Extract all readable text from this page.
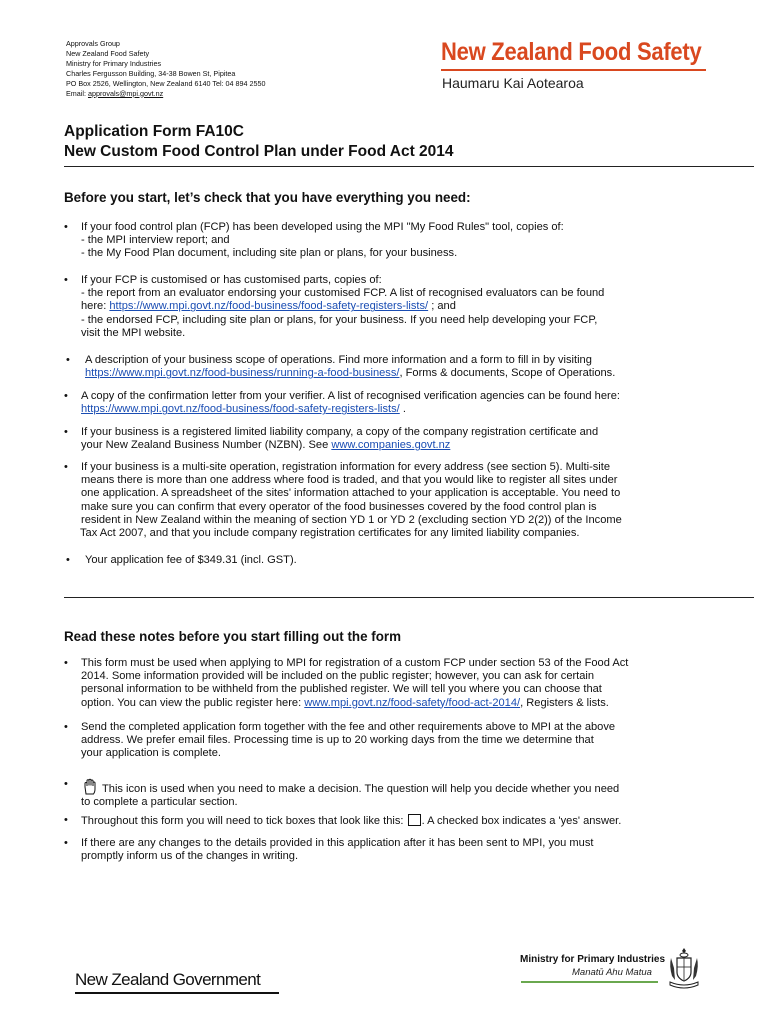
Approvals Group
New Zealand Food Safety
Ministry for Primary Industries
Charles Fergusson Building, 34-38 Bowen St, Pipitea
PO Box 2526, Wellington, New Zealand 6140 Tel: 04 894 2550
Email: approvals@mpi.govt.nz
New Zealand Food Safety
Haumaru Kai Aotearoa
Application Form FA10C
New Custom Food Control Plan under Food Act 2014
Before you start, let’s check that you have everything you need:
• If your food control plan (FCP) has been developed using the MPI "My Food Rules" tool, copies of:
- the MPI interview report; and
- the My Food Plan document, including site plan or plans, for your business.
• If your FCP is customised or has customised parts, copies of:
- the report from an evaluator endorsing your customised FCP. A list of recognised evaluators can be found
here: https://www.mpi.govt.nz/food-business/food-safety-registers-lists/ ; and
- the endorsed FCP, including site plan or plans, for your business. If you need help developing your FCP,
visit the MPI website.
• A description of your business scope of operations. Find more information and a form to fill in by visiting
https://www.mpi.govt.nz/food-business/running-a-food-business/, Forms & documents, Scope of Operations.
• A copy of the confirmation letter from your verifier. A list of recognised verification agencies can be found here:
https://www.mpi.govt.nz/food-business/food-safety-registers-lists/ .
• If your business is a registered limited liability company, a copy of the company registration certificate and
your New Zealand Business Number (NZBN). See www.companies.govt.nz
• If your business is a multi-site operation, registration information for every address (see section 5). Multi-site
means there is more than one address where food is traded, and that you would like to register all sites under
one application. A spreadsheet of the sites' information attached to your application is acceptable. You need to
make sure you can confirm that every operator of the food businesses covered by the food control plan is
resident in New Zealand within the meaning of section YD 1 or YD 2 (excluding section YD 2(2)) of the Income
Tax Act 2007, and that you include company registration certificates for any limited liability companies.
• Your application fee of $349.31 (incl. GST).
Read these notes before you start filling out the form
• This form must be used when applying to MPI for registration of a custom FCP under section 53 of the Food Act
2014. Some information provided will be included on the public register; however, you can ask for certain
personal information to be withheld from the published register. We will tell you where you can choose that
option. You can view the public register here: www.mpi.govt.nz/food-safety/food-act-2014/, Registers & lists.
• Send the completed application form together with the fee and other requirements above to MPI at the above
address. We prefer email files. Processing time is up to 20 working days from the time we determine that
your application is complete.
•	This icon is used when you need to make a decision. The question will help you decide whether you need
to complete a particular section.
• Throughout this form you will need to tick boxes that look like this: . A checked box indicates a 'yes' answer.
• If there are any changes to the details provided in this application after it has been sent to MPI, you must
promptly inform us of the changes in writing.
New Zealand Government
Ministry for Primary Industries
Manatū Ahu Matua
